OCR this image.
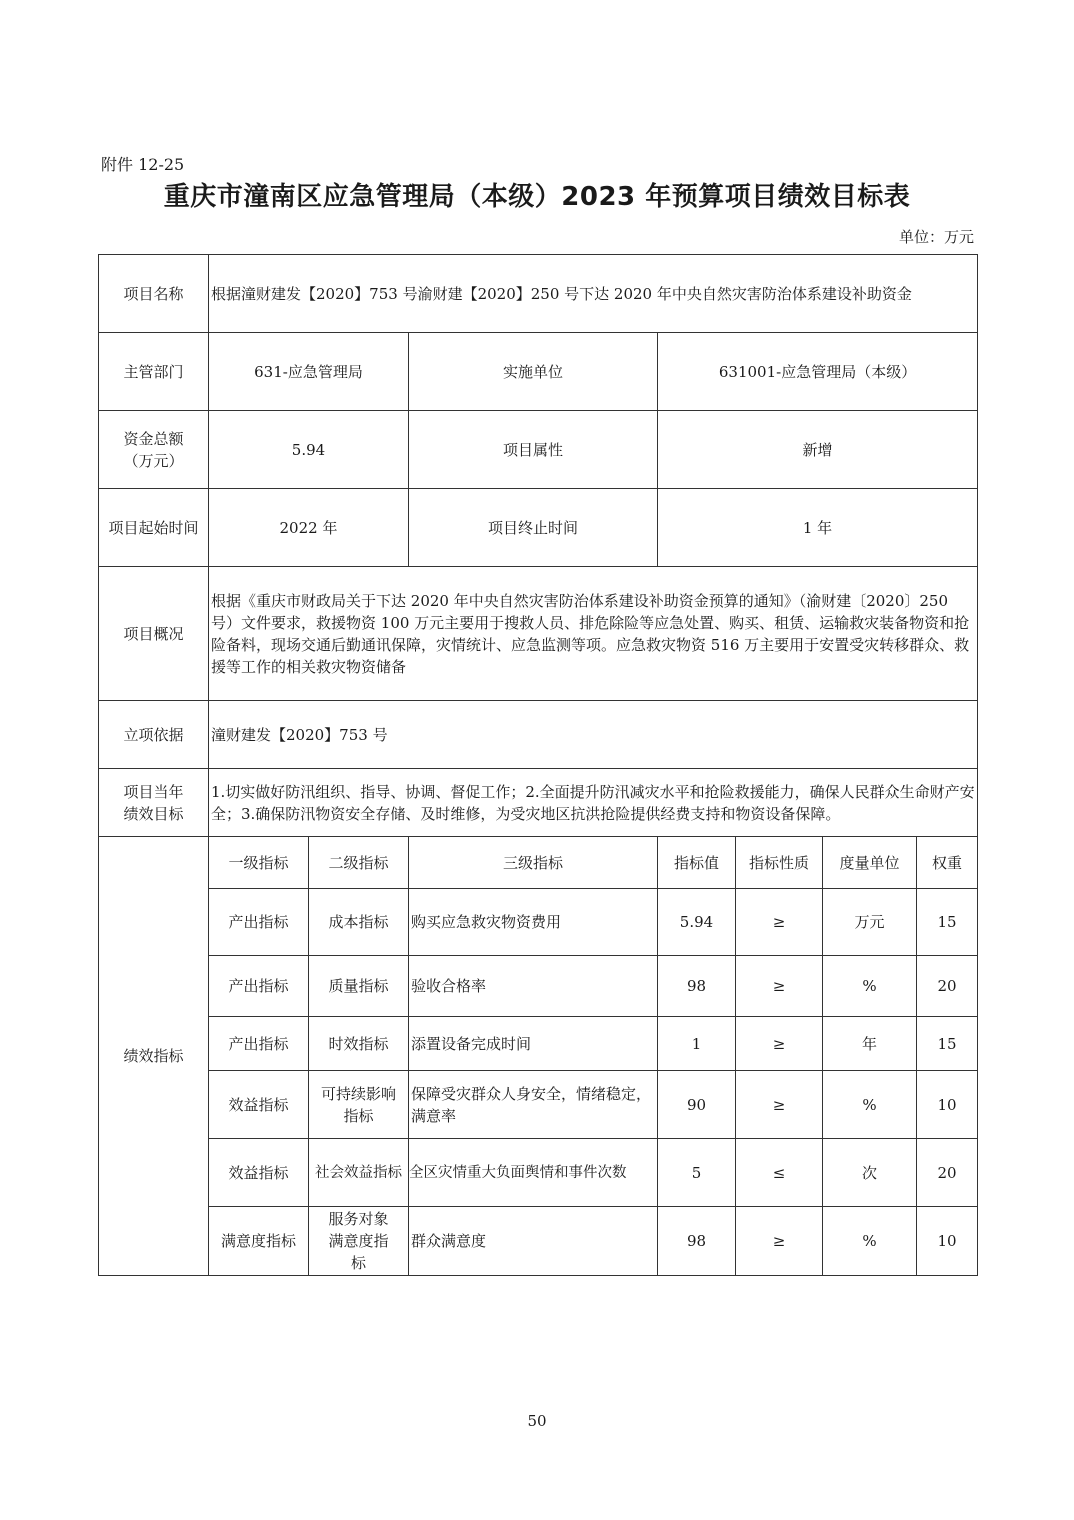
附件 12-25
重庆市潼南区应急管理局（本级）2023 年预算项目绩效目标表
单位：万元
项目名称	根据潼财建发【2020】753 号渝财建【2020】250 号下达 2020 年中央自然灾害防治体系建设补助资金						
主管部门	631-应急管理局		实施单位	631001-应急管理局（本级）			
资金总额（万元）	5.94		项目属性	新增			
项目起始时间	2022 年		项目终止时间	1 年			
项目概况	根据《重庆市财政局关于下达 2020 年中央自然灾害防治体系建设补助资金预算的通知》（渝财建〔2020〕250 号）文件要求，救援物资 100 万元主要用于搜救人员、排危除险等应急处置、购买、租赁、运输救灾装备物资和抢险备料，现场交通后勤通讯保障，灾情统计、应急监测等项。应急救灾物资 516 万主要用于安置受灾转移群众、救援等工作的相关救灾物资储备						
立项依据	潼财建发【2020】753 号						
项目当年绩效目标	1.切实做好防汛组织、指导、协调、督促工作；2.全面提升防汛减灾水平和抢险救援能力，确保人民群众生命财产安全；3.确保防汛物资安全存储、及时维修，为受灾地区抗洪抢险提供经费支持和物资设备保障。						
绩效指标	一级指标	二级指标	三级指标	指标值	指标性质	度量单位	权重
	产出指标	成本指标	购买应急救灾物资费用	5.94	≥	万元	15
	产出指标	质量指标	验收合格率	98	≥	%	20
	产出指标	时效指标	添置设备完成时间	1	≥	年	15
	效益指标	可持续影响指标	保障受灾群众人身安全，情绪稳定，满意率	90	≥	%	10
	效益指标	社会效益指标	全区灾情重大负面舆情和事件次数	5	≤	次	20
	满意度指标	服务对象满意度指标	群众满意度	98	≥	%	10
50
